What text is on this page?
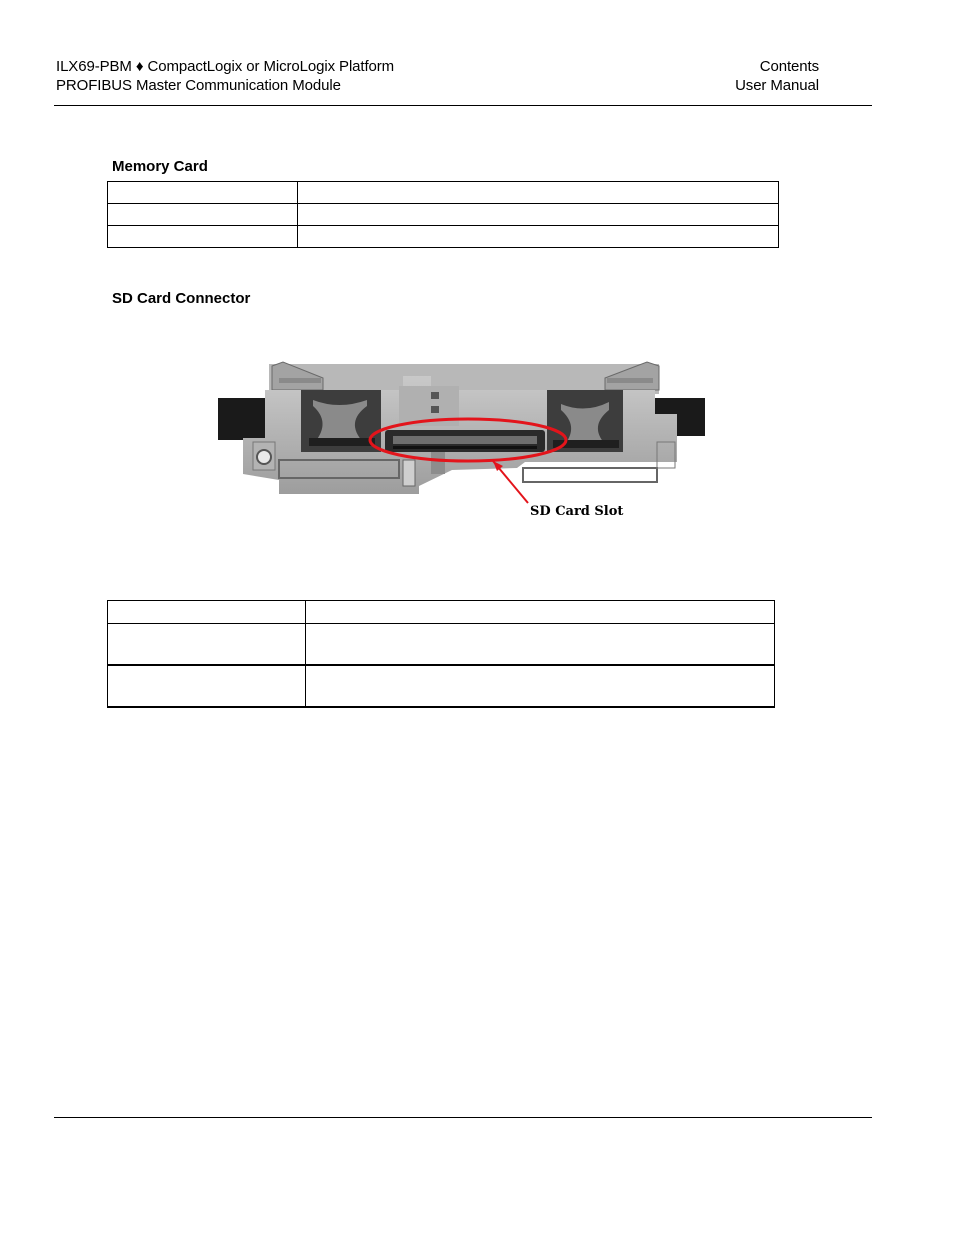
ILX69-PBM ♦ CompactLogix or MicroLogix Platform
PROFIBUS Master Communication Module
Contents
User Manual
Memory Card

SD Card Connector
SD Card Slot
